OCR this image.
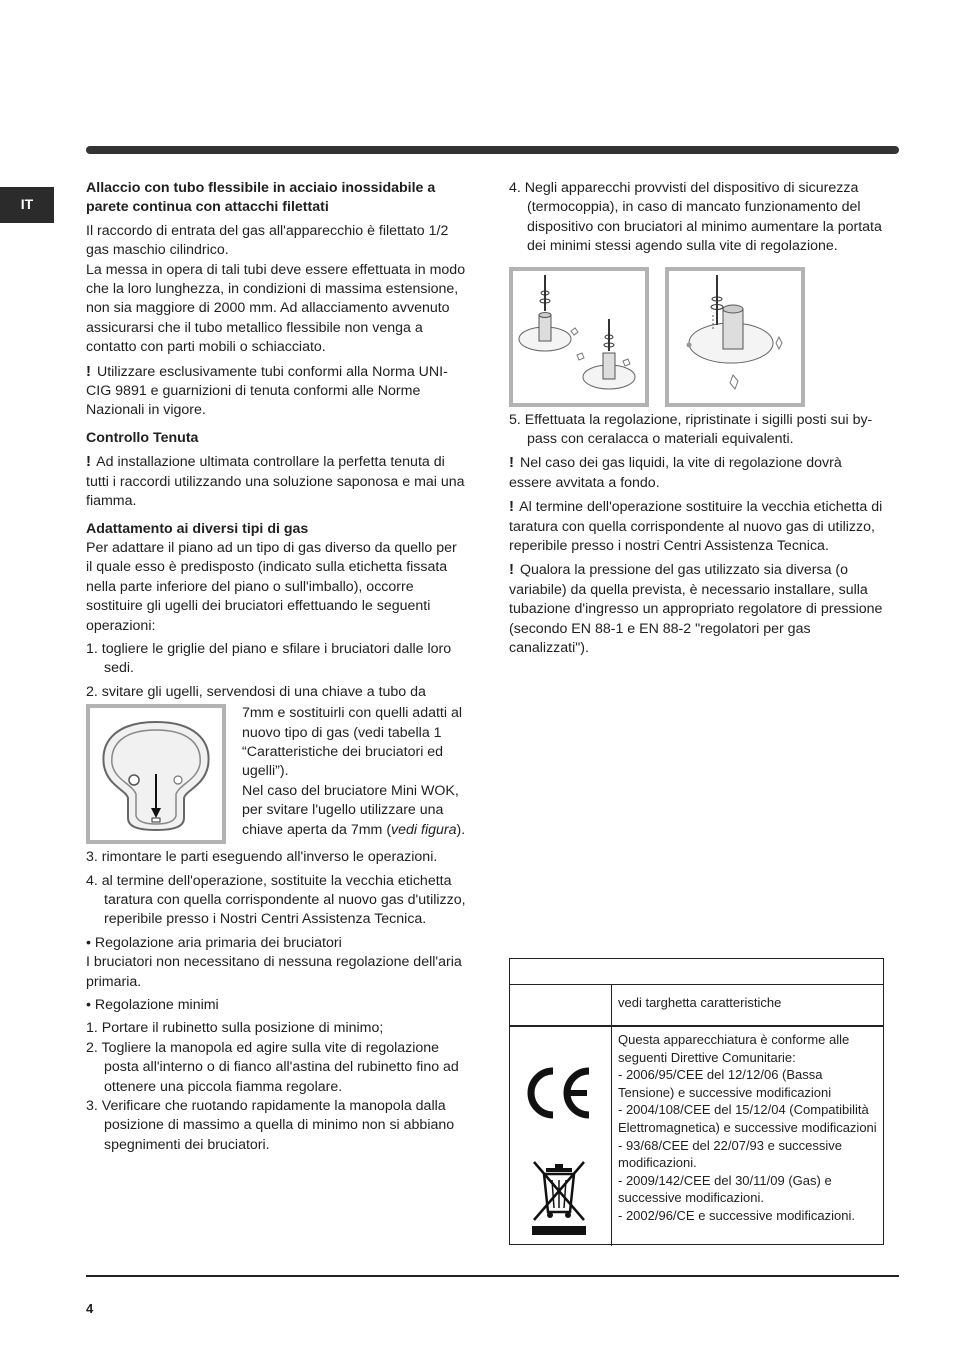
IT

Allaccio con tubo flessibile in acciaio inossidabile a parete continua con attacchi filettati

Il raccordo di entrata del gas all'apparecchio è filettato 1/2 gas maschio cilindrico.

La messa in opera di tali tubi deve essere effettuata in modo che la loro lunghezza, in condizioni di massima estensione, non sia maggiore di 2000 mm. Ad allacciamento avvenuto assicurarsi che il tubo metallico flessibile non venga a contatto con parti mobili o schiacciato.

! Utilizzare esclusivamente tubi conformi alla Norma UNI-CIG 9891 e guarnizioni di tenuta conformi alle Norme Nazionali in vigore.

Controllo Tenuta

! Ad installazione ultimata controllare la perfetta tenuta di tutti i raccordi utilizzando una soluzione saponosa e mai una fiamma.

Adattamento ai diversi tipi di gas

Per adattare il piano ad un tipo di gas diverso da quello per il quale esso è predisposto (indicato sulla etichetta fissata nella parte inferiore del piano o sull'imballo), occorre sostituire gli ugelli dei bruciatori effettuando le seguenti operazioni:

1. togliere le griglie del piano e sfilare i bruciatori dalle loro sedi.

2. svitare gli ugelli, servendosi di una chiave a tubo da

7mm e sostituirli con quelli adatti al nuovo tipo di gas (vedi tabella 1 “Caratteristiche dei bruciatori ed ugelli”).

Nel caso del bruciatore Mini WOK, per svitare l'ugello utilizzare una chiave aperta da 7mm (vedi figura).

3. rimontare le parti eseguendo all'inverso le operazioni.

4. al termine dell'operazione, sostituite la vecchia etichetta taratura con quella corrispondente al nuovo gas d'utilizzo, reperibile presso i Nostri Centri Assistenza Tecnica.

• Regolazione aria primaria dei bruciatori

I bruciatori non necessitano di nessuna regolazione dell'aria primaria.

• Regolazione minimi

1. Portare il rubinetto sulla posizione di minimo;

2. Togliere la manopola ed agire sulla vite di regolazione posta all'interno o di fianco all'astina del rubinetto fino ad ottenere una piccola fiamma regolare.

3. Verificare che ruotando rapidamente la manopola dalla posizione di massimo a quella di minimo non si abbiano spegnimenti dei bruciatori.

4. Negli apparecchi provvisti del dispositivo di sicurezza (termocoppia), in caso di mancato funzionamento del dispositivo con bruciatori al minimo aumentare la portata dei minimi stessi agendo sulla vite di regolazione.

5. Effettuata la regolazione, ripristinate i sigilli posti sui by-pass con ceralacca o materiali equivalenti.

! Nel caso dei gas liquidi, la vite di regolazione dovrà essere avvitata a fondo.

! Al termine dell'operazione sostituire la vecchia etichetta di taratura con quella corrispondente al nuovo gas di utilizzo, reperibile presso i nostri Centri Assistenza Tecnica.

! Qualora la pressione del gas utilizzato sia diversa (o variabile) da quella prevista, è necessario installare, sulla tubazione d'ingresso un appropriato regolatore di pressione (secondo EN 88-1 e EN 88-2 "regolatori per gas canalizzati").

vedi targhetta caratteristiche

Questa apparecchiatura è conforme alle seguenti Direttive Comunitarie:

- 2006/95/CEE del 12/12/06 (Bassa Tensione) e successive modificazioni

- 2004/108/CEE del 15/12/04 (Compatibilità Elettromagnetica) e successive modificazioni

- 93/68/CEE del 22/07/93 e successive modificazioni.

- 2009/142/CEE del 30/11/09 (Gas) e successive modificazioni.

- 2002/96/CE e successive modificazioni.

4
